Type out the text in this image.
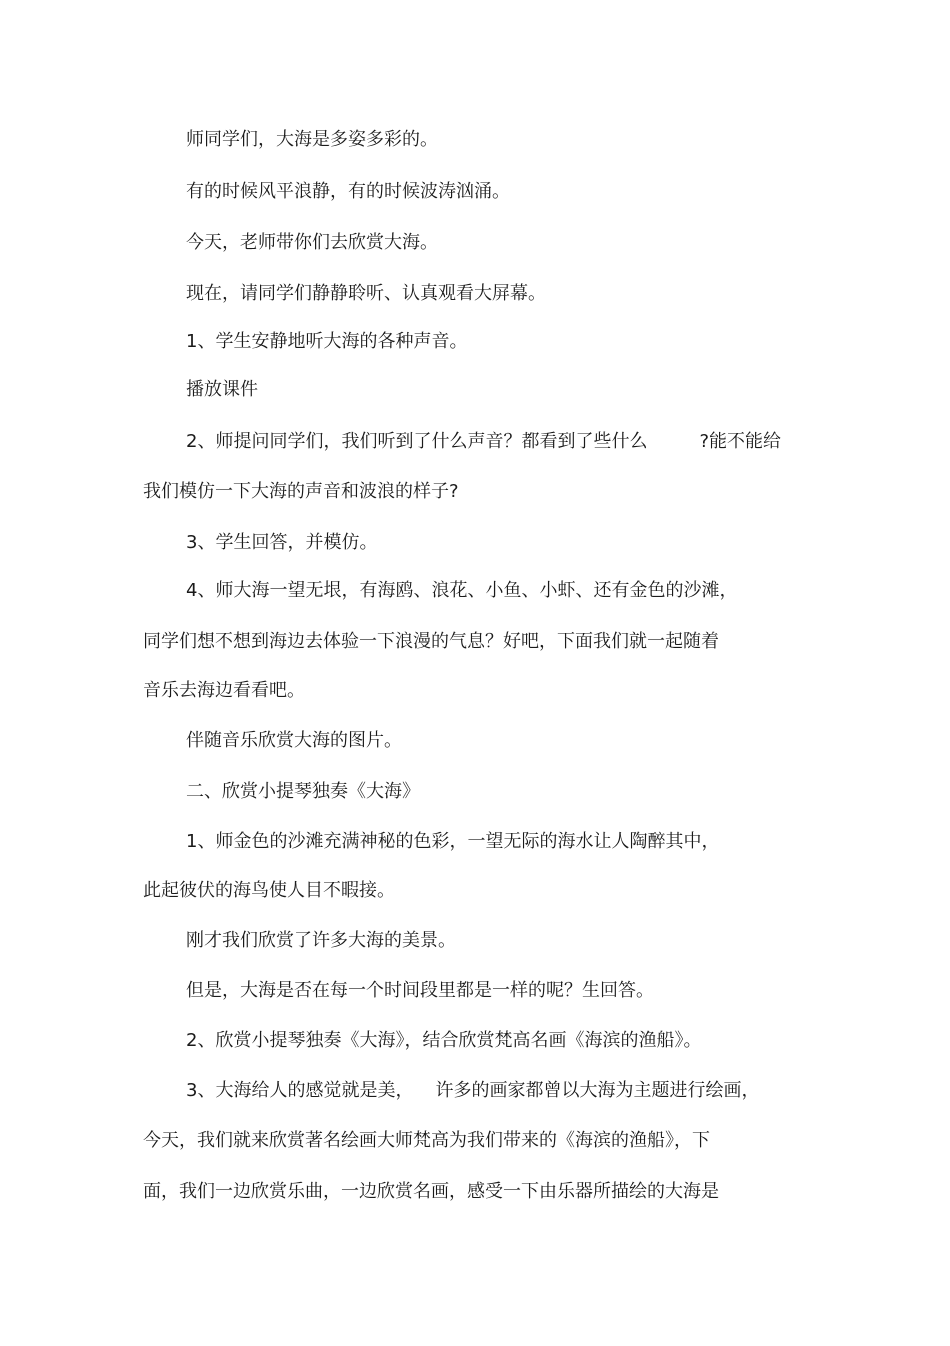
师同学们，大海是多姿多彩的。
有的时候风平浪静，有的时候波涛汹涌。
今天，老师带你们去欣赏大海。
现在，请同学们静静聆听、认真观看大屏幕。
1、学生安静地听大海的各种声音。
播放课件
2、师提问同学们，我们听到了什么声音？都看到了些什么	?能不能给
我们模仿一下大海的声音和波浪的样子?
3、学生回答，并模仿。
4、师大海一望无垠，有海鸥、浪花、小鱼、小虾、还有金色的沙滩，
同学们想不想到海边去体验一下浪漫的气息？好吧，下面我们就一起随着
音乐去海边看看吧。
伴随音乐欣赏大海的图片。
二、欣赏小提琴独奏《大海》
1、师金色的沙滩充满神秘的色彩，一望无际的海水让人陶醉其中，
此起彼伏的海鸟使人目不暇接。
刚才我们欣赏了许多大海的美景。
但是，大海是否在每一个时间段里都是一样的呢？生回答。
2、欣赏小提琴独奏《大海》，结合欣赏梵高名画《海滨的渔船》。
3、大海给人的感觉就是美， 许多的画家都曾以大海为主题进行绘画，
今天，我们就来欣赏著名绘画大师梵高为我们带来的《海滨的渔船》，下
面，我们一边欣赏乐曲，一边欣赏名画，感受一下由乐器所描绘的大海是
